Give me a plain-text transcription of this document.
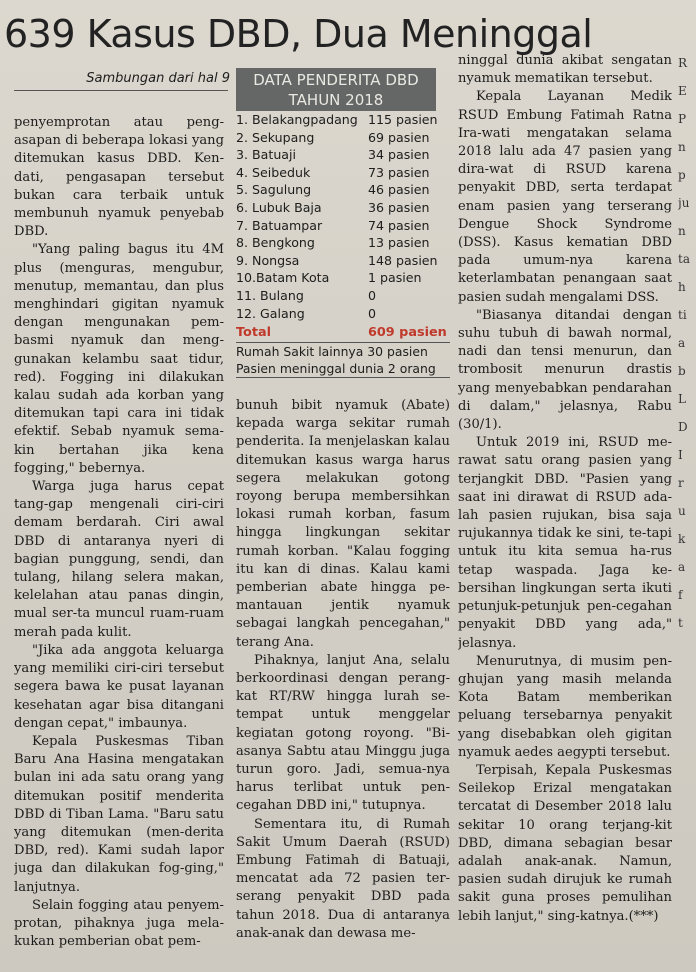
639 Kasus DBD, Dua Meninggal
Sambungan dari hal 9

penyemprotan atau peng-asapan di beberapa lokasi yang ditemukan kasus DBD. Ken-dati, pengasapan tersebut bukan cara terbaik untuk membunuh nyamuk penyebab DBD.

"Yang paling bagus itu 4M plus (menguras, mengubur, menutup, memantau, dan plus menghindari gigitan nyamuk dengan mengunakan pem-basmi nyamuk dan meng-gunakan kelambu saat tidur, red). Fogging ini dilakukan kalau sudah ada korban yang ditemukan tapi cara ini tidak efektif. Sebab nyamuk sema-kin bertahan jika kena fogging," bebernya.

Warga juga harus cepat tang-gap mengenali ciri-ciri demam berdarah. Ciri awal DBD di antaranya nyeri di bagian punggung, sendi, dan tulang, hilang selera makan, kelelahan atau panas dingin, mual ser-ta muncul ruam-ruam merah pada kulit.

"Jika ada anggota keluarga yang memiliki ciri-ciri tersebut segera bawa ke pusat layanan kesehatan agar bisa ditangani dengan cepat," imbaunya.

Kepala Puskesmas Tiban Baru Ana Hasina mengatakan bulan ini ada satu orang yang ditemukan positif menderita DBD di Tiban Lama. "Baru satu yang ditemukan (men-derita DBD, red). Kami sudah lapor juga dan dilakukan fog-ging," lanjutnya.

Selain fogging atau penyem-protan, pihaknya juga mela-kukan pemberian obat pem-

DATA PENDERITA DBD
TAHUN 2018
1. Belakangpadang 115 pasien
2. Sekupang	69 pasien
3. Batuaji	34 pasien
4. Seibeduk	73 pasien
5. Sagulung	46 pasien
6. Lubuk Baja	36 pasien
7. Batuampar	74 pasien
8. Bengkong	13 pasien
9. Nongsa	148 pasien
10.Batam Kota	1 pasien
11. Bulang	0
12. Galang	0
Total	609 pasien
Rumah Sakit lainnya 30 pasien
Pasien meninggal dunia 2 orang

bunuh bibit nyamuk (Abate) kepada warga sekitar rumah penderita. Ia menjelaskan kalau ditemukan kasus warga harus segera melakukan gotong royong berupa membersihkan lokasi rumah korban, fasum hingga lingkungan sekitar rumah korban. "Kalau fogging itu kan di dinas. Kalau kami pemberian abate hingga pe-mantauan jentik nyamuk sebagai langkah pencegahan," terang Ana.

Pihaknya, lanjut Ana, selalu berkoordinasi dengan perang-kat RT/RW hingga lurah se-tempat untuk menggelar kegiatan gotong royong. "Bi-asanya Sabtu atau Minggu juga turun goro. Jadi, semua-nya harus terlibat untuk pen-cegahan DBD ini," tutupnya.

Sementara itu, di Rumah Sakit Umum Daerah (RSUD) Embung Fatimah di Batuaji, mencatat ada 72 pasien ter-serang penyakit DBD pada tahun 2018. Dua di antaranya anak-anak dan dewasa me-

ninggal dunia akibat sengatan nyamuk mematikan tersebut.

Kepala Layanan Medik RSUD Embung Fatimah Ratna Ira-wati mengatakan selama 2018 lalu ada 47 pasien yang dira-wat di RSUD karena penyakit DBD, serta terdapat enam pasien yang terserang Dengue Shock Syndrome (DSS). Kasus kematian DBD pada umum-nya karena keterlambatan penangaan saat pasien sudah mengalami DSS.

"Biasanya ditandai dengan suhu tubuh di bawah normal, nadi dan tensi menurun, dan trombosit menurun drastis yang menyebabkan pendarahan di dalam," jelasnya, Rabu (30/1).

Untuk 2019 ini, RSUD me-rawat satu orang pasien yang terjangkit DBD. "Pasien yang saat ini dirawat di RSUD ada-lah pasien rujukan, bisa saja rujukannya tidak ke sini, te-tapi untuk itu kita semua ha-rus tetap waspada. Jaga ke-bersihan lingkungan serta ikuti petunjuk-petunjuk pen-cegahan penyakit DBD yang ada," jelasnya.

Menurutnya, di musim pen-ghujan yang masih melanda Kota Batam memberikan peluang tersebarnya penyakit yang disebabkan oleh gigitan nyamuk aedes aegypti tersebut.

Terpisah, Kepala Puskesmas Seilekop Erizal mengatakan tercatat di Desember 2018 lalu sekitar 10 orang terjang-kit DBD, dimana sebagian besar adalah anak-anak. Namun, pasien sudah dirujuk ke rumah sakit guna proses pemulihan lebih lanjut," sing-katnya.(***)

R
E
P
n
p
ju
n
ta
h
ti
a
b
L
D
I
r
u
k
a
f
t
